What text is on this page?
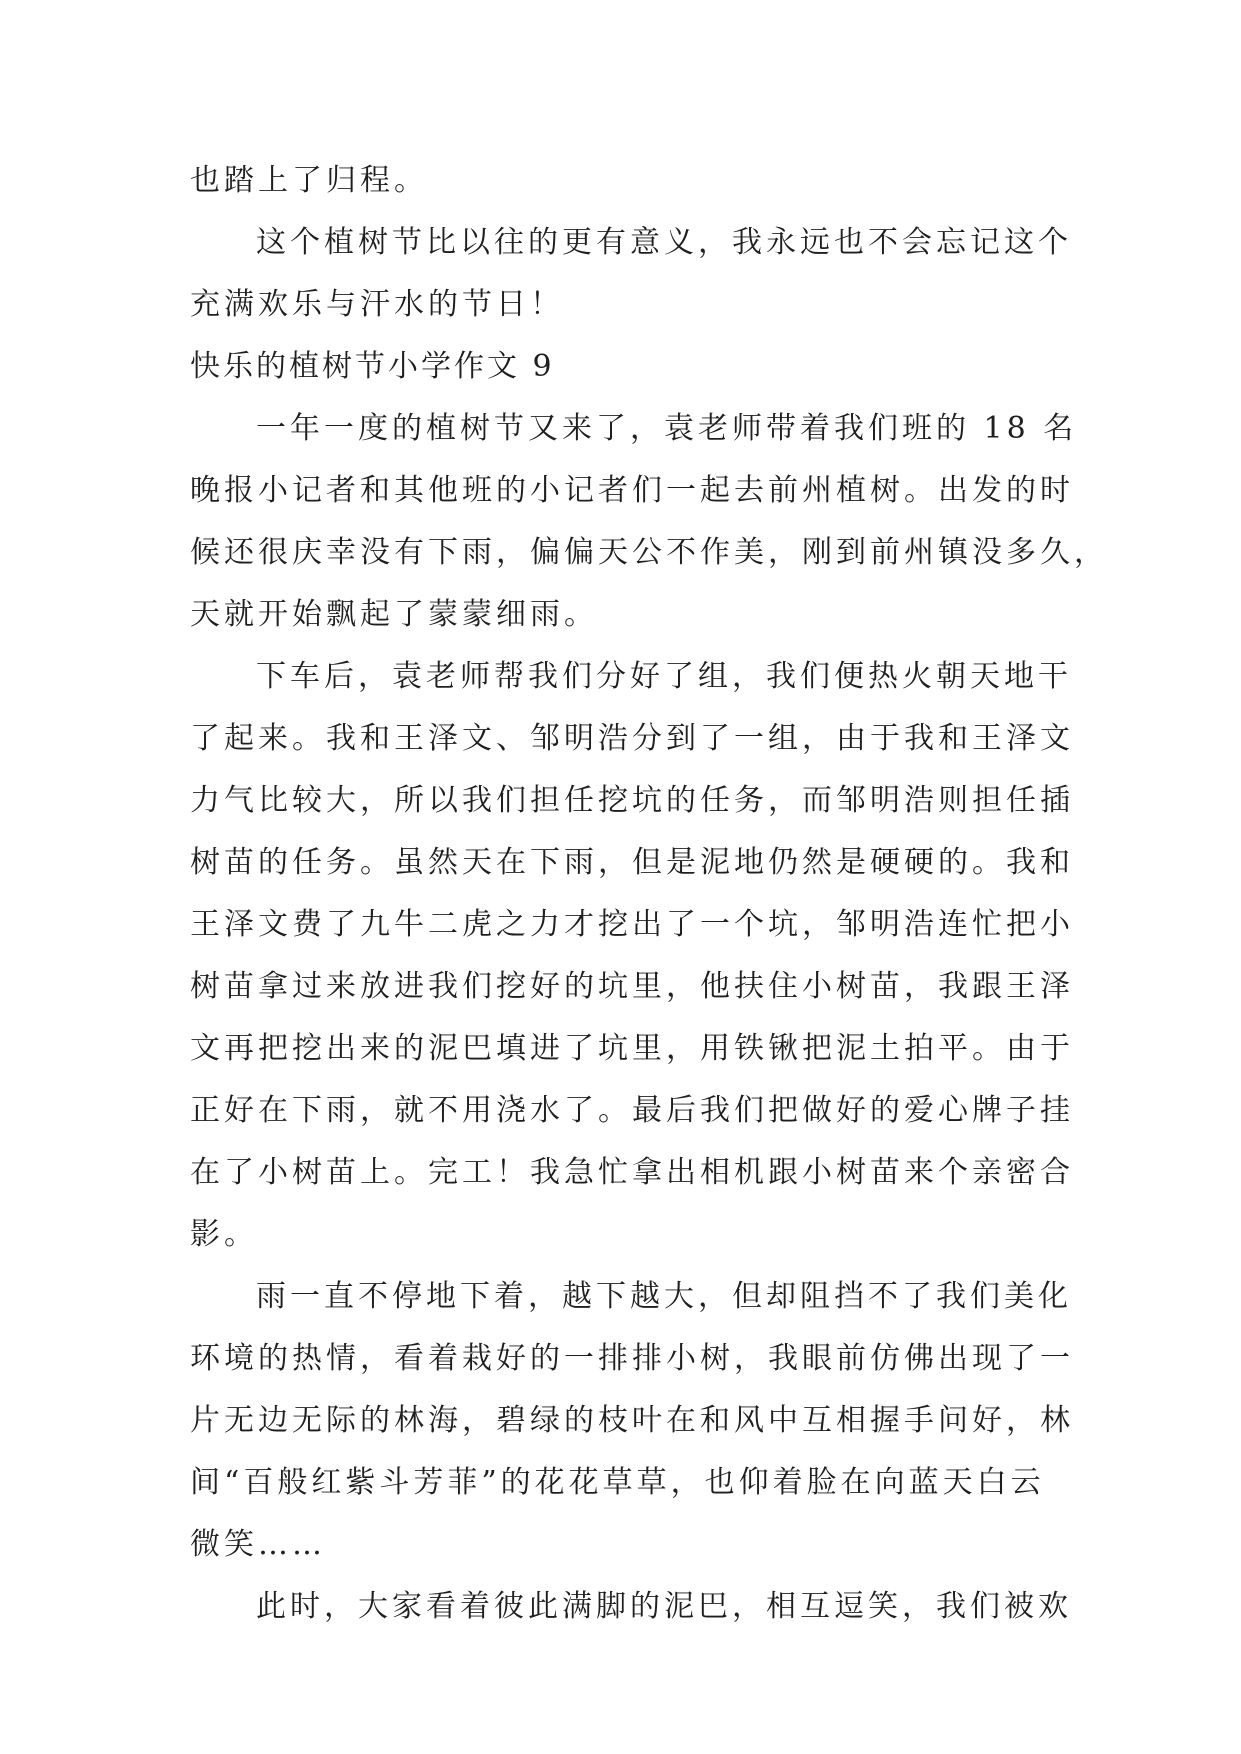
也踏上了归程。
这个植树节比以往的更有意义，我永远也不会忘记这个
充满欢乐与汗水的节日！
快乐的植树节小学作文 9
一年一度的植树节又来了，袁老师带着我们班的 18 名
晚报小记者和其他班的小记者们一起去前州植树。出发的时
候还很庆幸没有下雨，偏偏天公不作美，刚到前州镇没多久，
天就开始飘起了蒙蒙细雨。
下车后，袁老师帮我们分好了组，我们便热火朝天地干
了起来。我和王泽文、邹明浩分到了一组，由于我和王泽文
力气比较大，所以我们担任挖坑的任务，而邹明浩则担任插
树苗的任务。虽然天在下雨，但是泥地仍然是硬硬的。我和
王泽文费了九牛二虎之力才挖出了一个坑，邹明浩连忙把小
树苗拿过来放进我们挖好的坑里，他扶住小树苗，我跟王泽
文再把挖出来的泥巴填进了坑里，用铁锹把泥土拍平。由于
正好在下雨，就不用浇水了。最后我们把做好的爱心牌子挂
在了小树苗上。完工！我急忙拿出相机跟小树苗来个亲密合
影。
雨一直不停地下着，越下越大，但却阻挡不了我们美化
环境的热情，看着栽好的一排排小树，我眼前仿佛出现了一
片无边无际的林海，碧绿的枝叶在和风中互相握手问好，林
间“百般红紫斗芳菲”的花花草草，也仰着脸在向蓝天白云
微笑……
此时，大家看着彼此满脚的泥巴，相互逗笑，我们被欢
